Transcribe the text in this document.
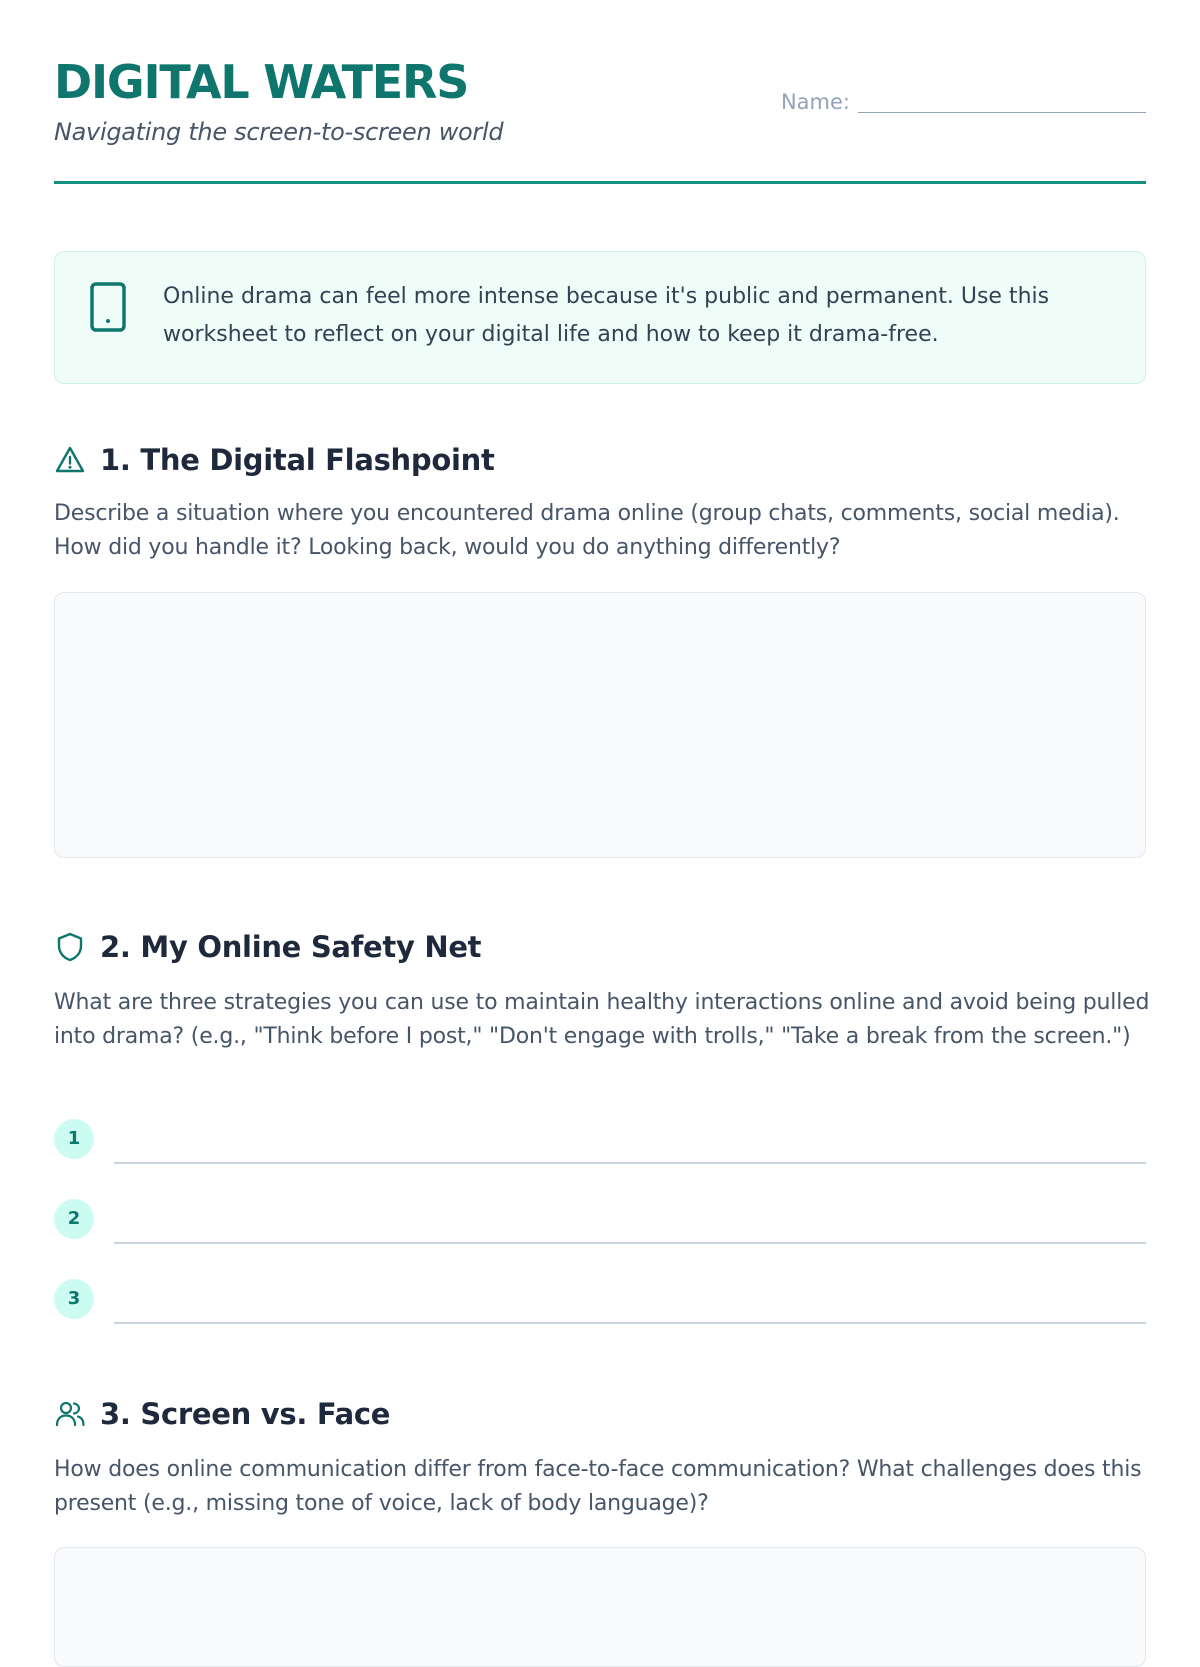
DIGITAL WATERS
Navigating the screen-to-screen world
Name:
Online drama can feel more intense because it's public and permanent. Use this worksheet to reflect on your digital life and how to keep it drama-free.
1. The Digital Flashpoint
Describe a situation where you encountered drama online (group chats, comments, social media). How did you handle it? Looking back, would you do anything differently?
2. My Online Safety Net
What are three strategies you can use to maintain healthy interactions online and avoid being pulled into drama? (e.g., "Think before I post," "Don't engage with trolls," "Take a break from the screen.")
1
2
3
3. Screen vs. Face
How does online communication differ from face-to-face communication? What challenges does this present (e.g., missing tone of voice, lack of body language)?
